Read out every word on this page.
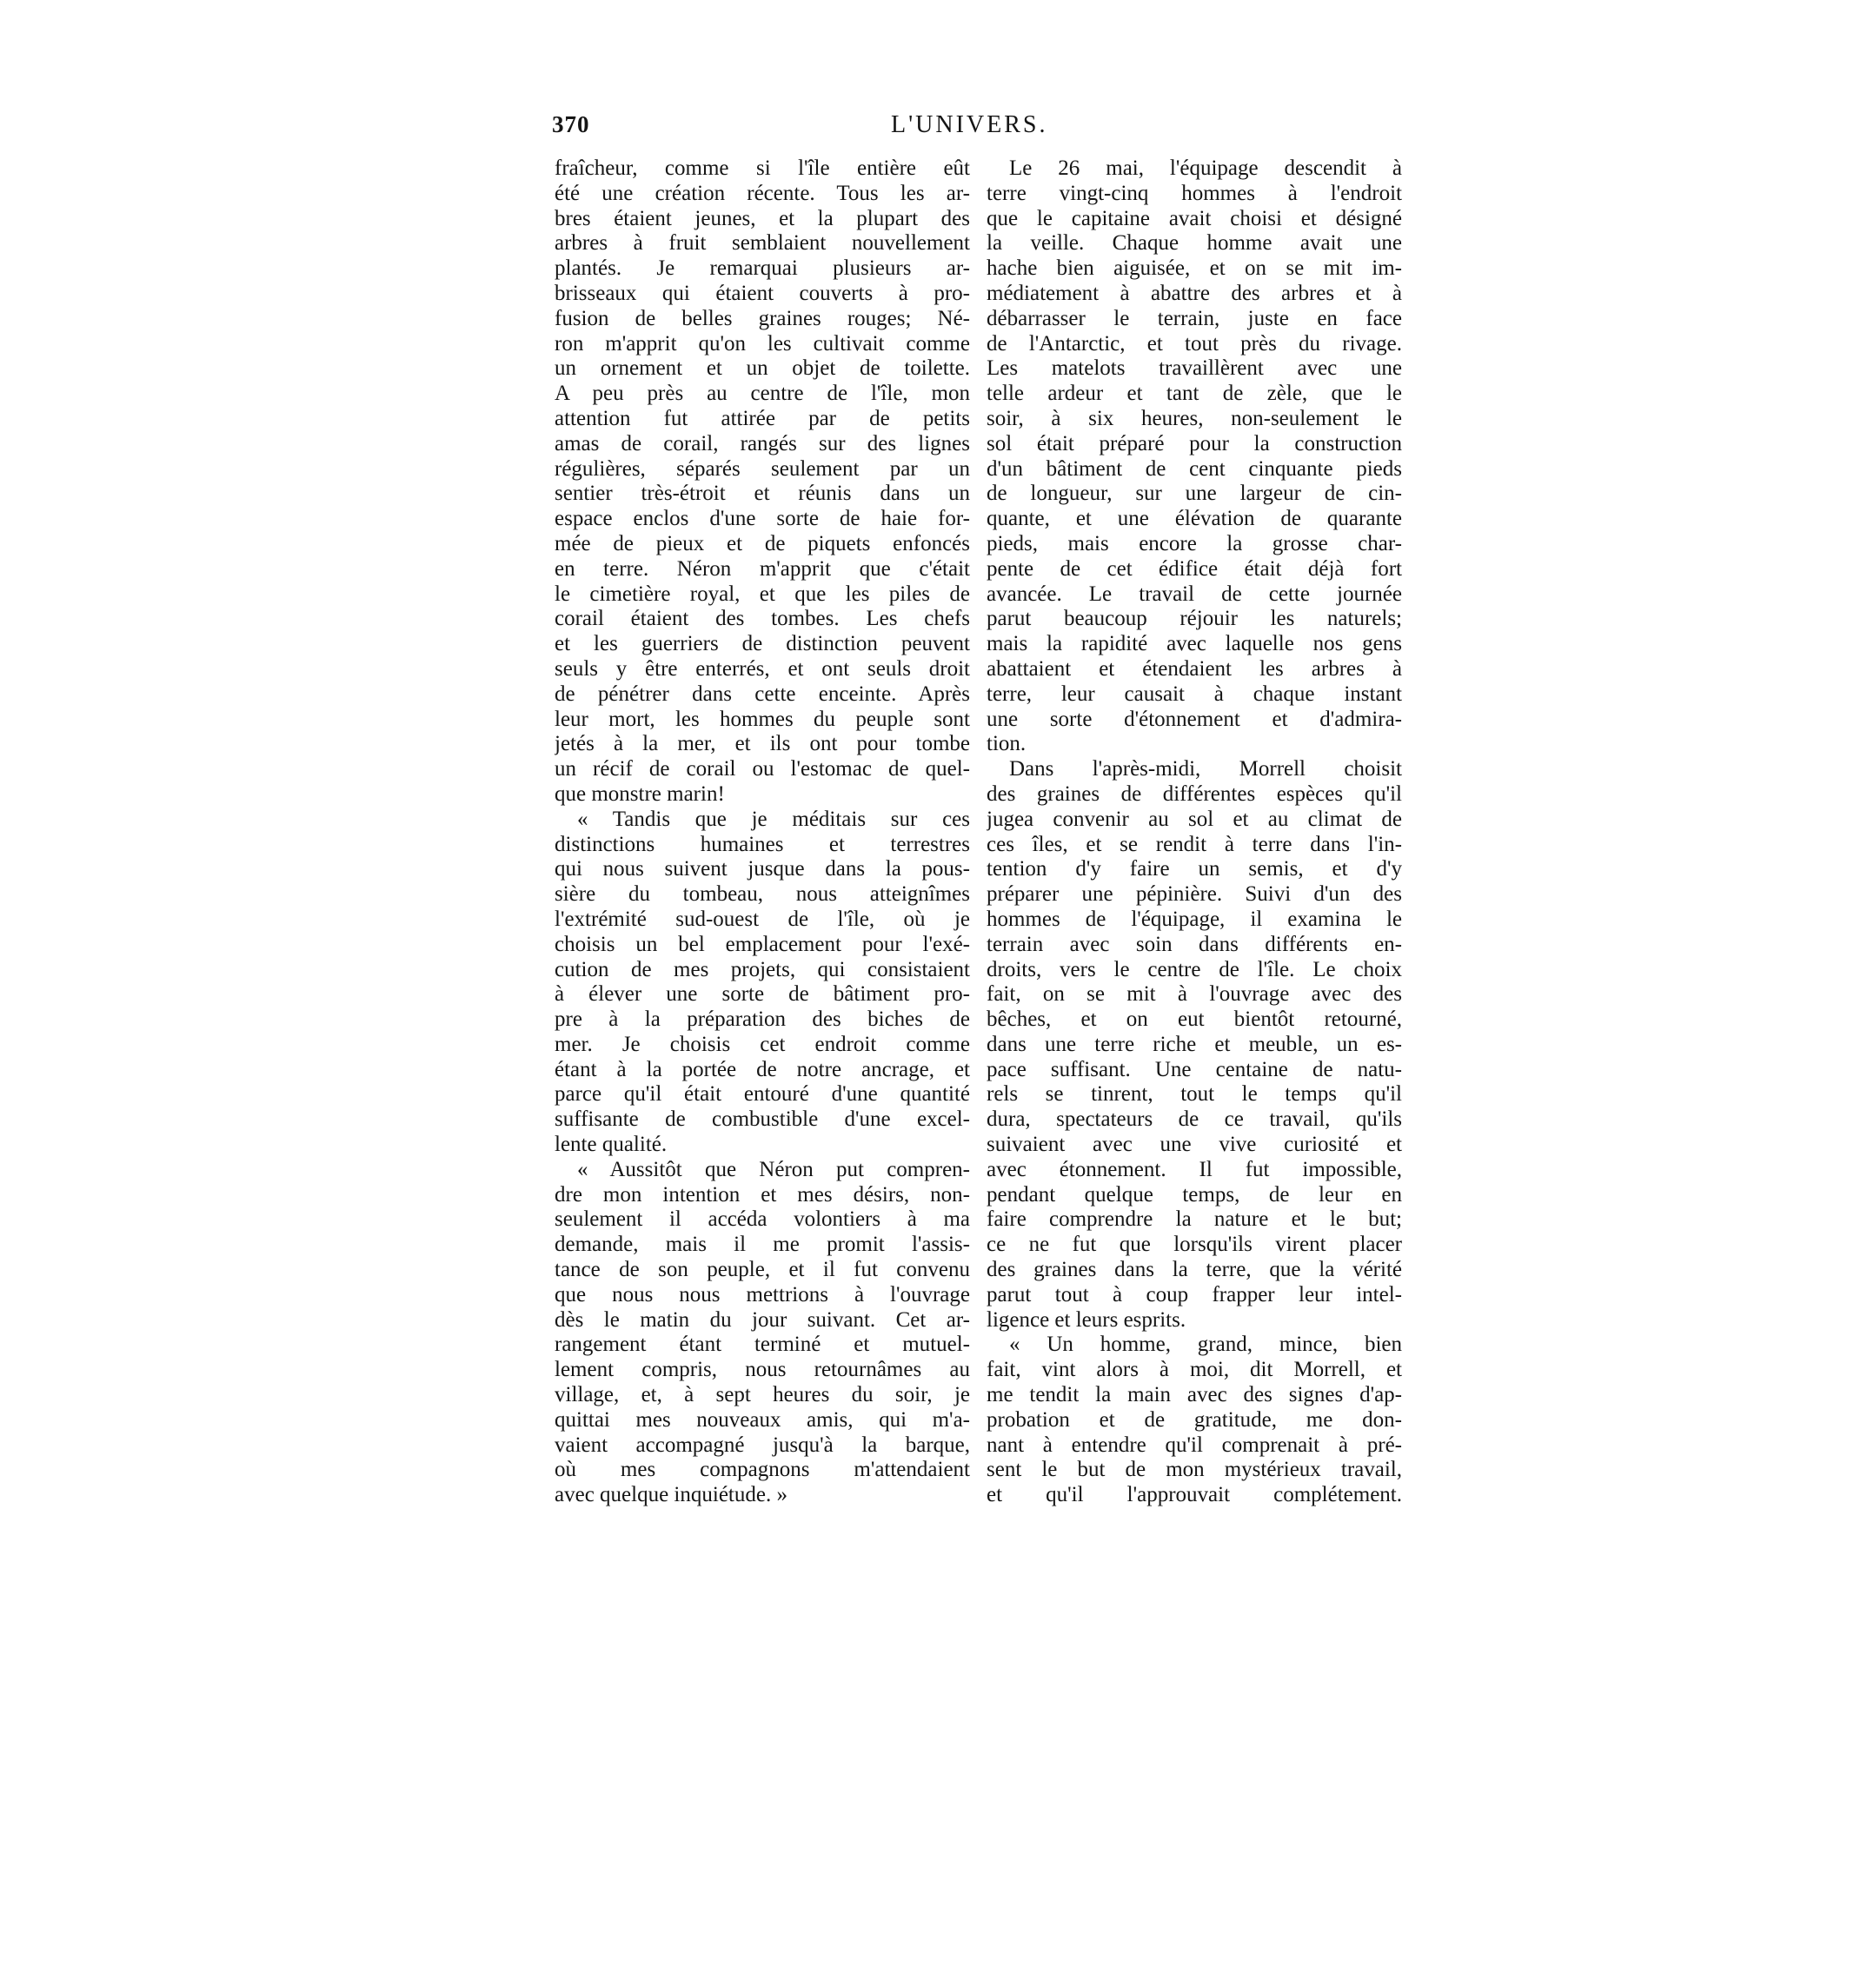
370	L'UNIVERS.
fraîcheur, comme si l'île entière eût
été une création récente. Tous les ar-
bres étaient jeunes, et la plupart des
arbres à fruit semblaient nouvellement
plantés. Je remarquai plusieurs ar-
brisseaux qui étaient couverts à pro-
fusion de belles graines rouges; Né-
ron m'apprit qu'on les cultivait comme
un ornement et un objet de toilette.
A peu près au centre de l'île, mon
attention fut attirée par de petits
amas de corail, rangés sur des lignes
régulières, séparés seulement par un
sentier très-étroit et réunis dans un
espace enclos d'une sorte de haie for-
mée de pieux et de piquets enfoncés
en terre. Néron m'apprit que c'était
le cimetière royal, et que les piles de
corail étaient des tombes. Les chefs
et les guerriers de distinction peuvent
seuls y être enterrés, et ont seuls droit
de pénétrer dans cette enceinte. Après
leur mort, les hommes du peuple sont
jetés à la mer, et ils ont pour tombe
un récif de corail ou l'estomac de quel-
que monstre marin!
« Tandis que je méditais sur ces
distinctions humaines et terrestres
qui nous suivent jusque dans la pous-
sière du tombeau, nous atteignîmes
l'extrémité sud-ouest de l'île, où je
choisis un bel emplacement pour l'exé-
cution de mes projets, qui consistaient
à élever une sorte de bâtiment pro-
pre à la préparation des biches de
mer. Je choisis cet endroit comme
étant à la portée de notre ancrage, et
parce qu'il était entouré d'une quantité
suffisante de combustible d'une excel-
lente qualité.
« Aussitôt que Néron put compren-
dre mon intention et mes désirs, non-
seulement il accéda volontiers à ma
demande, mais il me promit l'assis-
tance de son peuple, et il fut convenu
que nous nous mettrions à l'ouvrage
dès le matin du jour suivant. Cet ar-
rangement étant terminé et mutuel-
lement compris, nous retournâmes au
village, et, à sept heures du soir, je
quittai mes nouveaux amis, qui m'a-
vaient accompagné jusqu'à la barque,
où mes compagnons m'attendaient
avec quelque inquiétude. »
Le 26 mai, l'équipage descendit à
terre vingt-cinq hommes à l'endroit
que le capitaine avait choisi et désigné
la veille. Chaque homme avait une
hache bien aiguisée, et on se mit im-
médiatement à abattre des arbres et à
débarrasser le terrain, juste en face
de l'Antarctic, et tout près du rivage.
Les matelots travaillèrent avec une
telle ardeur et tant de zèle, que le
soir, à six heures, non-seulement le
sol était préparé pour la construction
d'un bâtiment de cent cinquante pieds
de longueur, sur une largeur de cin-
quante, et une élévation de quarante
pieds, mais encore la grosse char-
pente de cet édifice était déjà fort
avancée. Le travail de cette journée
parut beaucoup réjouir les naturels;
mais la rapidité avec laquelle nos gens
abattaient et étendaient les arbres à
terre, leur causait à chaque instant
une sorte d'étonnement et d'admira-
tion.
Dans l'après-midi, Morrell choisit
des graines de différentes espèces qu'il
jugea convenir au sol et au climat de
ces îles, et se rendit à terre dans l'in-
tention d'y faire un semis, et d'y
préparer une pépinière. Suivi d'un des
hommes de l'équipage, il examina le
terrain avec soin dans différents en-
droits, vers le centre de l'île. Le choix
fait, on se mit à l'ouvrage avec des
bêches, et on eut bientôt retourné,
dans une terre riche et meuble, un es-
pace suffisant. Une centaine de natu-
rels se tinrent, tout le temps qu'il
dura, spectateurs de ce travail, qu'ils
suivaient avec une vive curiosité et
avec étonnement. Il fut impossible,
pendant quelque temps, de leur en
faire comprendre la nature et le but;
ce ne fut que lorsqu'ils virent placer
des graines dans la terre, que la vérité
parut tout à coup frapper leur intel-
ligence et leurs esprits.
« Un homme, grand, mince, bien
fait, vint alors à moi, dit Morrell, et
me tendit la main avec des signes d'ap-
probation et de gratitude, me don-
nant à entendre qu'il comprenait à pré-
sent le but de mon mystérieux travail,
et qu'il l'approuvait complétement.
